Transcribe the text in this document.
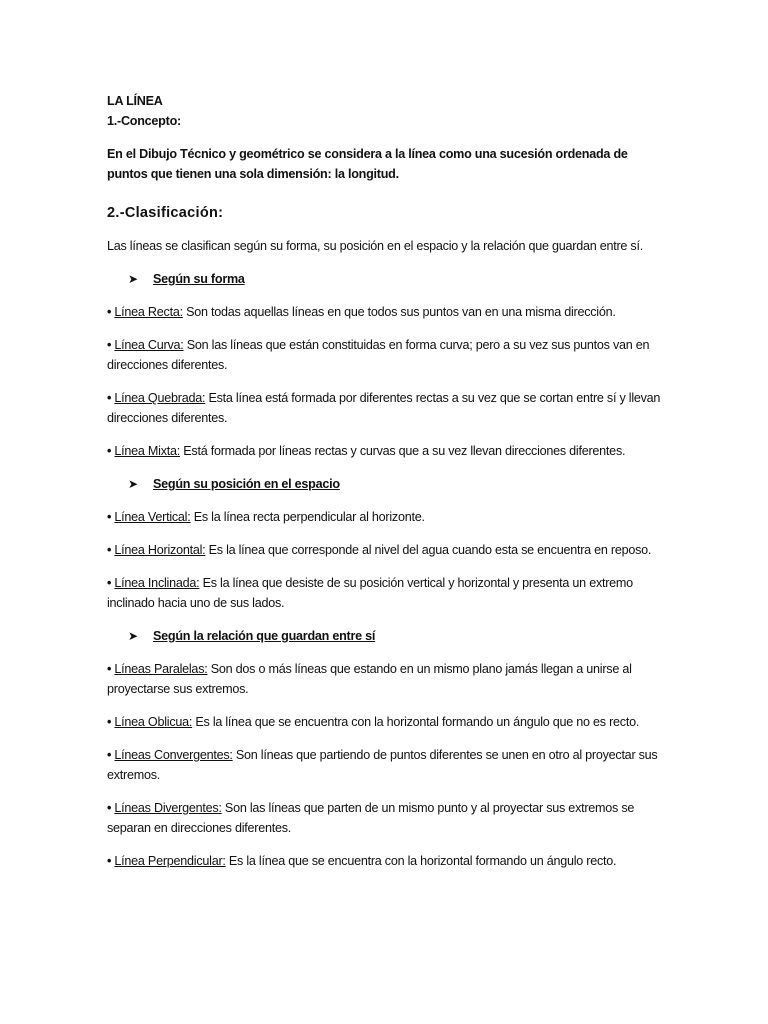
LA LÍNEA

1.-Concepto:

En el Dibujo Técnico y geométrico se considera a la línea como una sucesión ordenada de puntos que tienen una sola dimensión: la longitud.

2.-Clasificación:

Las líneas se clasifican según su forma, su posición en el espacio y la relación que guardan entre sí.

➤	Según su forma

• Línea Recta: Son todas aquellas líneas en que todos sus puntos van en una misma dirección.

• Línea Curva: Son las líneas que están constituidas en forma curva; pero a su vez sus puntos van en direcciones diferentes.

• Línea Quebrada: Esta línea está formada por diferentes rectas a su vez que se cortan entre sí y llevan direcciones diferentes.

• Línea Mixta: Está formada por líneas rectas y curvas que a su vez llevan direcciones diferentes.

➤	Según su posición en el espacio

• Línea Vertical: Es la línea recta perpendicular al horizonte.

• Línea Horizontal: Es la línea que corresponde al nivel del agua cuando esta se encuentra en reposo.

• Línea Inclinada: Es la línea que desiste de su posición vertical y horizontal y presenta un extremo inclinado hacia uno de sus lados.

➤	Según la relación que guardan entre sí

• Líneas Paralelas: Son dos o más líneas que estando en un mismo plano jamás llegan a unirse al proyectarse sus extremos.

• Línea Oblicua: Es la línea que se encuentra con la horizontal formando un ángulo que no es recto.

• Líneas Convergentes: Son líneas que partiendo de puntos diferentes se unen en otro al proyectar sus extremos.

• Líneas Divergentes: Son las líneas que parten de un mismo punto y al proyectar sus extremos se separan en direcciones diferentes.

• Línea Perpendicular: Es la línea que se encuentra con la horizontal formando un ángulo recto.
